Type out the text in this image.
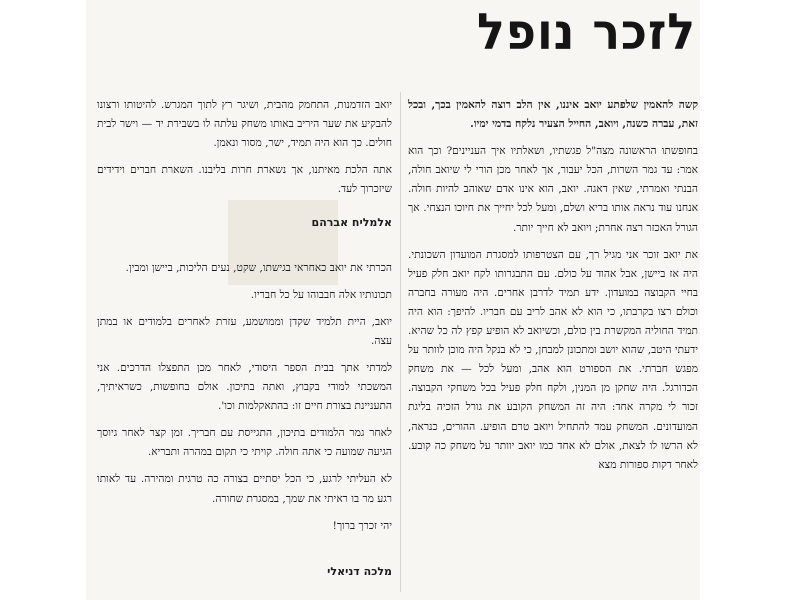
לזכר נופל

קשה להאמין שלפתע יואב איננו, אין הלב רוצה להאמין בכך, ובכל זאת, עברה כשנה, ויואב, החייל הצעיר נלקח בדמי ימיו.

בחופשתו הראשונה מצה"ל פגשתיו, ושאלתיו איך העניינים? וכך הוא אמר: עד גמר השרות, הכל יעבור, אך לאחר מכן הורי לי שיואב חולה, הבנתי ואמרתי, שאין דאגה. יואב, הוא אינו אדם שאוהב להיות חולה. אנחנו עוד נראה אותו בריא ושלם, ומעל לכל יחייך את חיוכו הנצחי. אך הגורל האכזר רצה אחרת; ויואב לא חייך יותר.

את יואב זוכר אני מגיל רך, עם הצטרפותו למסגרת המועדון השכונתי. היה אז ביישן, אבל אהוד על כולם. עם התבגרותו לקח יואב חלק פעיל בחיי הקבוצה במועדון. ידע תמיד לדרבן אחרים. היה מעורה בחברה וכולם רצו בקרבתו, כי הוא לא אהב לריב עם חבריו. להיפך: הוא היה תמיד החוליה המקשרת בין כולם, וכשיואב לא הופיע קפץ לה כל שהיא. ידעתי היטב, שהוא יושב ומתכונן למבחן, כי לא בנקל היה מוכן לוותר על מפגש חברתי. את הספורט הוא אהב, ומעל לכל — את משחק הכדורגל. היה שחקן מן המנין, ולקח חלק פעיל בכל משחקי הקבוצה. זכור לי מקרה אחד: היה זה המשחק הקובע את גורל הזכיה בליגת המועדונים. המשחק עמד להתחיל ויואב טרם הופיע. ההורים, כנראה, לא הרשו לו לצאת, אולם לא אחד כמו יואב יוותר על משחק כה קובע. לאחר דקות ספורות מצא

יואב הזדמנות, התחמק מהבית, ושיגר רץ לתוך המגרש. להיטותו ורצונו להבקיע את שער היריב באותו משחק עלתה לו בשבירת יד — וישר לבית חולים. כך הוא היה תמיד, ישר, מסור ונאמן.

אתה הלכת מאיתנו, אך נשארת חרות בליבנו. השארת חברים וידידים שיזכרוך לעד.

אלמליח אברהם

הכרתי את יואב כאחראי בגישתו, שקט, נעים הליכות, ביישן ומבין.

תכונותיו אלה חבבוהו על כל חבריו.

יואב, היית תלמיד שקדן וממושמע, עזרת לאחרים בלמודים או במתן עצה.

למדתי אתך בבית הספר היסודי, לאחר מכן התפצלו הדרכים. אני המשכתי למודי בקבוץ, ואתה בתיכון. אולם בחופשות, כשראיתיך, התעניינת בצורת חיים זו: בהתאקלמות וכו'.

לאחר גמר הלמודים בתיכון, התגייסת עם חבריך. זמן קצר לאחר גיוסך הגיעה שמועה כי אתה חולה. קויתי כי תקום במהרה ותבריא.

לא העליתי לרגע, כי הכל יסתיים בצורה כה טרגית ומהירה. עד לאותו רגע מר בו ראיתי את שמך, במסגרת שחורה.

יהי זכרך ברוך!

מלכה דניאלי
